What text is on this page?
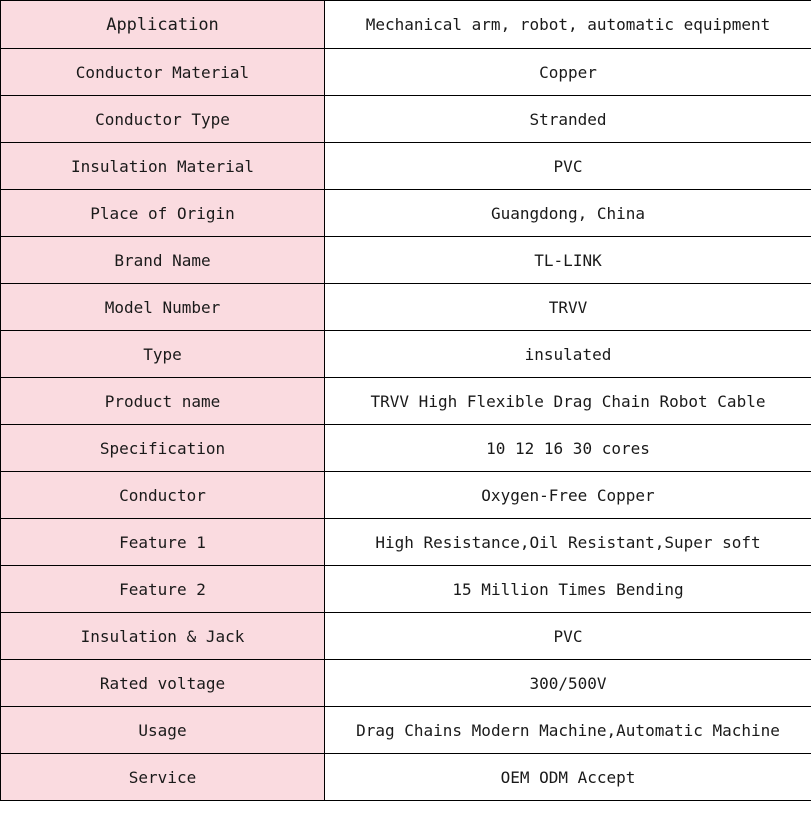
Application	Mechanical arm, robot, automatic equipment
Conductor Material	Copper
Conductor Type	Stranded
Insulation Material	PVC
Place of Origin	Guangdong, China
Brand Name	TL-LINK
Model Number	TRVV
Type	insulated
Product name	TRVV High Flexible Drag Chain Robot Cable
Specification	10 12 16 30 cores
Conductor	Oxygen-Free Copper
Feature 1	High Resistance,Oil Resistant,Super soft
Feature 2	15 Million Times Bending
Insulation & Jack	PVC
Rated voltage	300/500V
Usage	Drag Chains Modern Machine,Automatic Machine
Service	OEM ODM Accept
